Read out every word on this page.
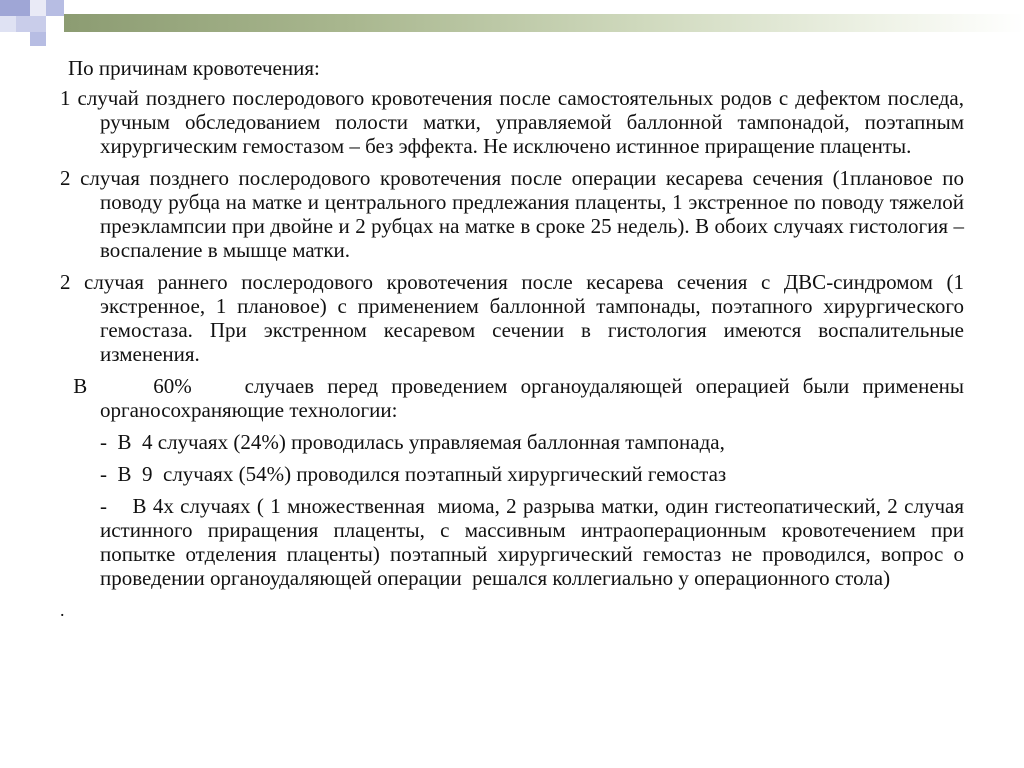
По причинам кровотечения:

1 случай позднего послеродового кровотечения после самостоятельных родов с дефектом последа, ручным обследованием полости матки, управляемой баллонной тампонадой, поэтапным хирургическим гемостазом – без эффекта. Не исключено истинное приращение плаценты.

2 случая позднего послеродового кровотечения после операции кесарева сечения (1плановое по поводу рубца на матке и центрального предлежания плаценты, 1 экстренное по поводу тяжелой преэклампсии при двойне и 2 рубцах на матке в сроке 25 недель). В обоих случаях гистология – воспаление в мышце матки.

2 случая раннего послеродового кровотечения после кесарева сечения с ДВС-синдромом (1 экстренное, 1 плановое) с применением баллонной тампонады, поэтапного хирургического гемостаза. При экстренном кесаревом сечении в гистология имеются воспалительные изменения.

В     60%    случаев перед проведением органоудаляющей операцией были применены  органосохраняющие технологии:

-  В  4 случаях (24%) проводилась управляемая баллонная тампонада,

-  В  9  случаях (54%) проводился поэтапный хирургический гемостаз

-    В 4х случаях ( 1 множественная  миома, 2 разрыва матки, один гистеопатический, 2 случая истинного приращения плаценты, с массивным интраоперационным кровотечением при попытке отделения плаценты) поэтапный хирургический гемостаз не проводился, вопрос о проведении органоудаляющей операции  решался коллегиально у операционного стола)

.
